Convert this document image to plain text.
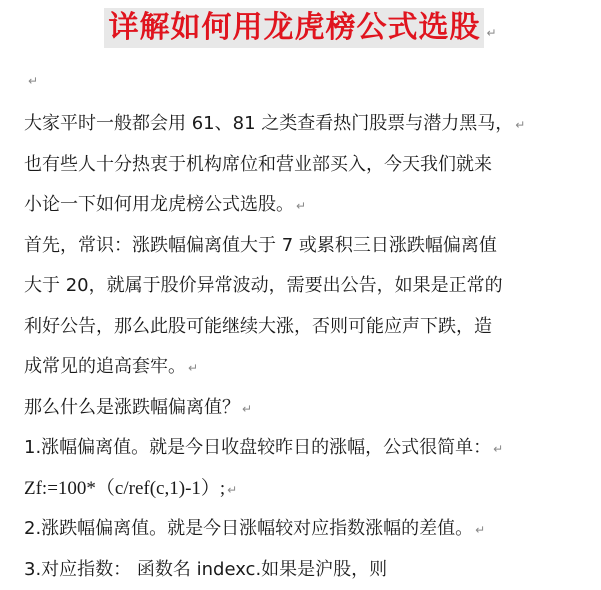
详解如何用龙虎榜公式选股 ↵
↵
大家平时一般都会用 61、81 之类查看热门股票与潜力黑马， ↵
也有些人十分热衷于机构席位和营业部买入，今天我们就来
小论一下如何用龙虎榜公式选股。 ↵
首先，常识：涨跌幅偏离值大于 7 或累积三日涨跌幅偏离值
大于 20，就属于股价异常波动，需要出公告，如果是正常的
利好公告，那么此股可能继续大涨，否则可能应声下跌，造
成常见的追高套牢。 ↵
那么什么是涨跌幅偏离值？ ↵
1.涨幅偏离值。就是今日收盘较昨日的涨幅，公式很简单： ↵
Zf:=100*（c/ref(c,1)-1）; ↵
2.涨跌幅偏离值。就是今日涨幅较对应指数涨幅的差值。 ↵
3.对应指数： 函数名 indexc.如果是沪股，则
